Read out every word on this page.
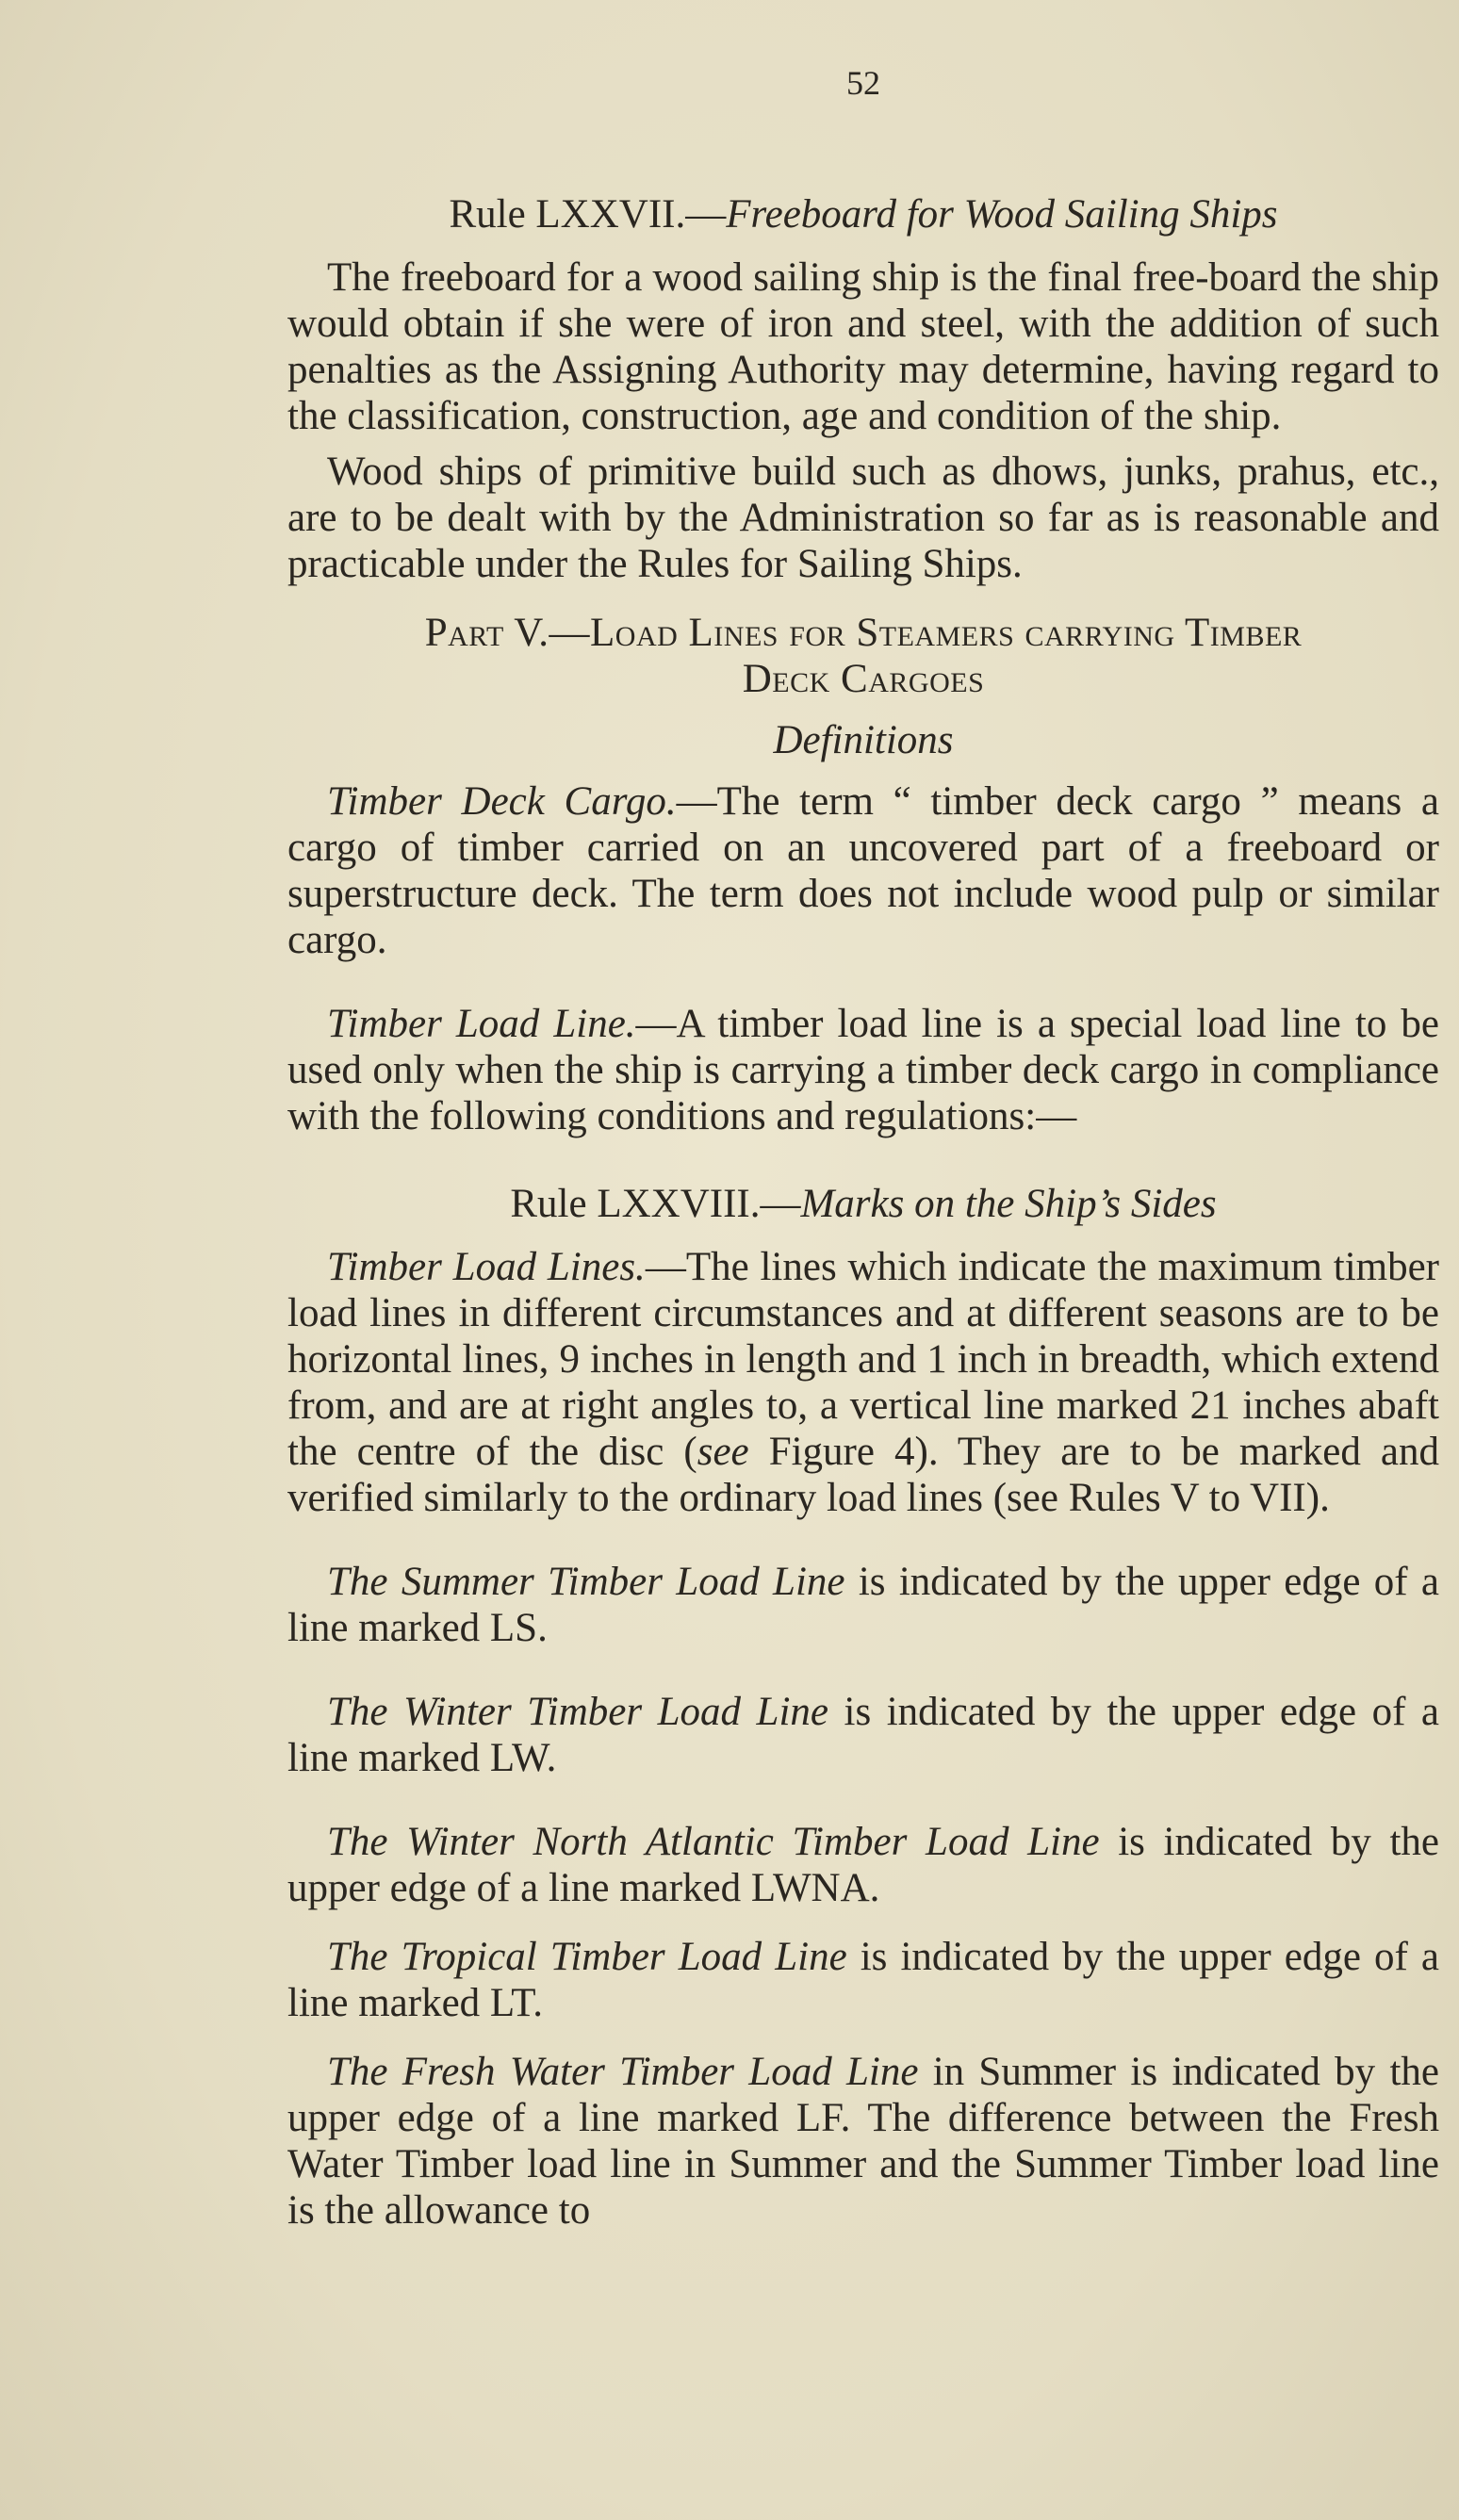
52
Rule LXXVII.—Freeboard for Wood Sailing Ships

The freeboard for a wood sailing ship is the final free-board the ship would obtain if she were of iron and steel, with the addition of such penalties as the Assigning Authority may determine, having regard to the classification, construction, age and condition of the ship.

Wood ships of primitive build such as dhows, junks, prahus, etc., are to be dealt with by the Administration so far as is reasonable and practicable under the Rules for Sailing Ships.

Part V.—Load Lines for Steamers carrying Timber
Deck Cargoes
Definitions

Timber Deck Cargo.—The term “ timber deck cargo ” means a cargo of timber carried on an uncovered part of a freeboard or superstructure deck. The term does not include wood pulp or similar cargo.

Timber Load Line.—A timber load line is a special load line to be used only when the ship is carrying a timber deck cargo in compliance with the following conditions and regulations:—

Rule LXXVIII.—Marks on the Ship’s Sides

Timber Load Lines.—The lines which indicate the maximum timber load lines in different circumstances and at different seasons are to be horizontal lines, 9 inches in length and 1 inch in breadth, which extend from, and are at right angles to, a vertical line marked 21 inches abaft the centre of the disc (see Figure 4). They are to be marked and verified similarly to the ordinary load lines (see Rules V to VII).

The Summer Timber Load Line is indicated by the upper edge of a line marked LS.

The Winter Timber Load Line is indicated by the upper edge of a line marked LW.

The Winter North Atlantic Timber Load Line is indicated by the upper edge of a line marked LWNA.

The Tropical Timber Load Line is indicated by the upper edge of a line marked LT.

The Fresh Water Timber Load Line in Summer is indicated by the upper edge of a line marked LF. The difference between the Fresh Water Timber load line in Summer and the Summer Timber load line is the allowance to
